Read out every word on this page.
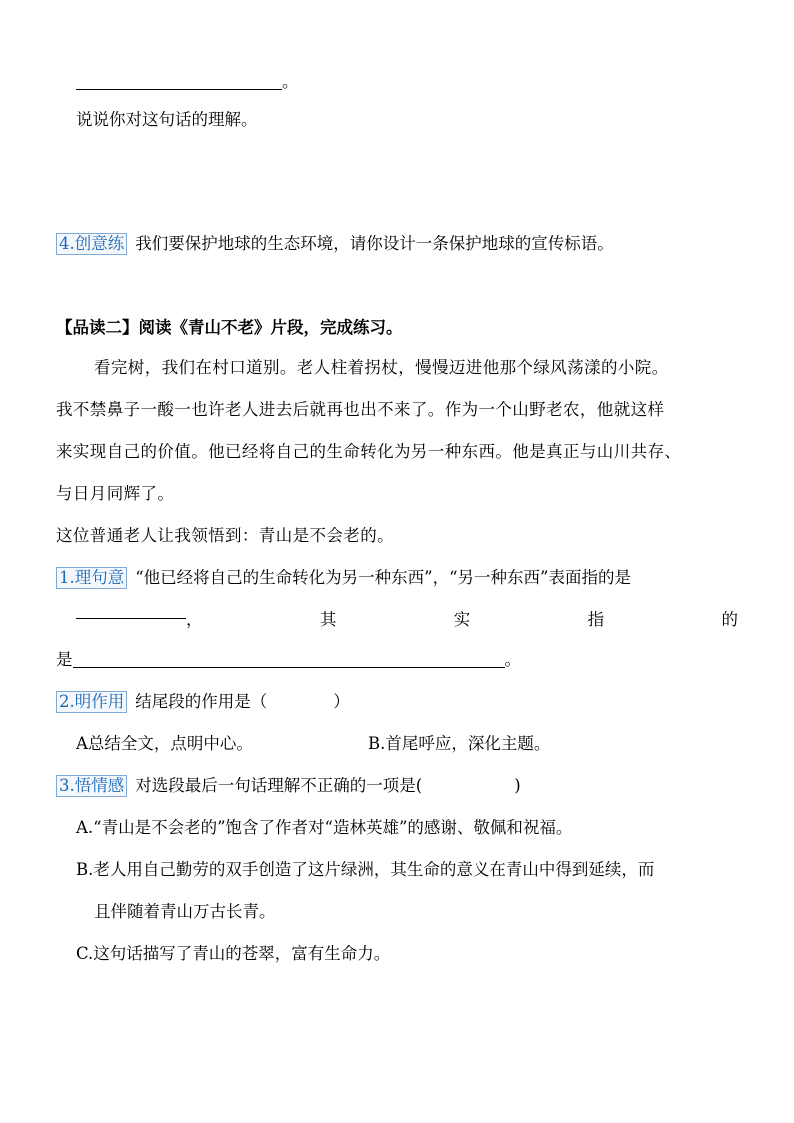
。
说说你对这句话的理解。
4.创意练 我们要保护地球的生态环境，请你设计一条保护地球的宣传标语。
【品读二】阅读《青山不老》片段，完成练习。
看完树，我们在村口道别。老人柱着拐杖，慢慢迈进他那个绿风荡漾的小院。
我不禁鼻子一酸一也许老人进去后就再也出不来了。作为一个山野老农，他就这样
来实现自己的价值。他已经将自己的生命转化为另一种东西。他是真正与山川共存、
与日月同辉了。
这位普通老人让我领悟到：青山是不会老的。
1.理句意 “他已经将自己的生命转化为另一种东西”，“另一种东西”表面指的是
，	其	实	指	的
是	。
2.明作用 结尾段的作用是（	）
A总结全文，点明中心。	B.首尾呼应，深化主题。
3.悟情感 对选段最后一句话理解不正确的一项是(	)
A.“青山是不会老的”饱含了作者对“造林英雄”的感谢、敬佩和祝福。
B.老人用自己勤劳的双手创造了这片绿洲，其生命的意义在青山中得到延续，而
且伴随着青山万古长青。
C.这句话描写了青山的苍翠，富有生命力。
